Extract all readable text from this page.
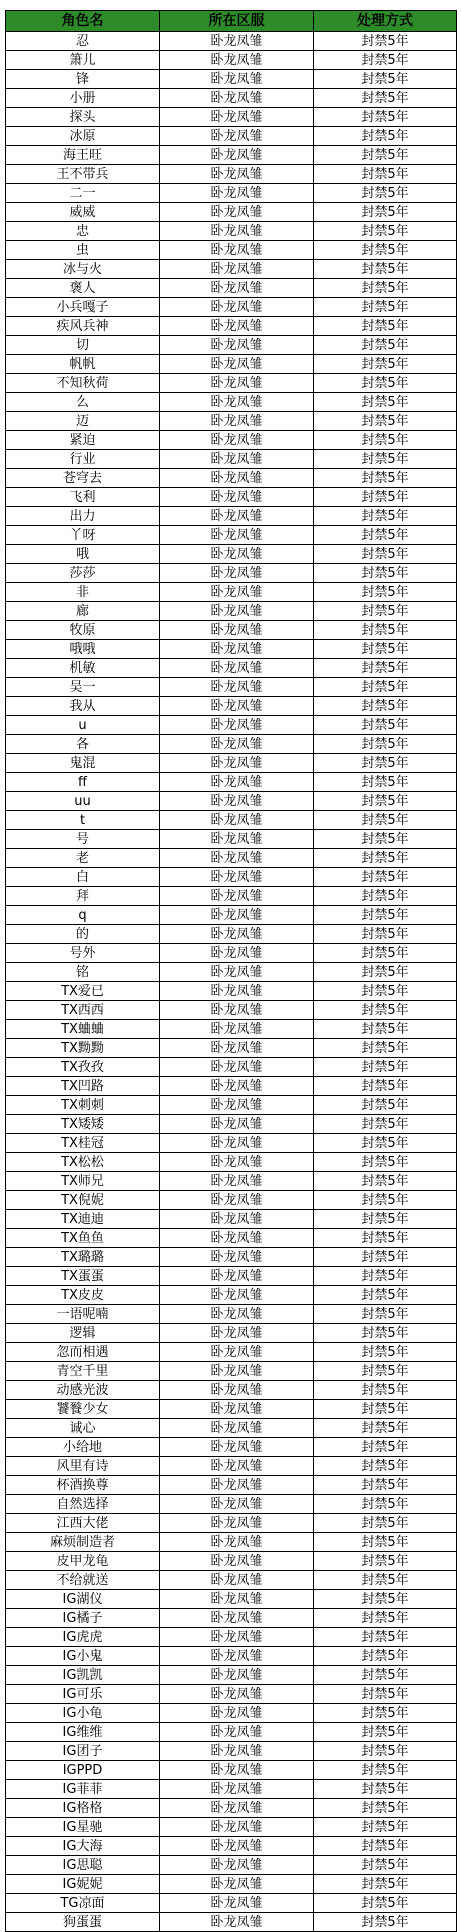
角色名	所在区服	处理方式
忍	卧龙凤雏	封禁5年
箫儿	卧龙凤雏	封禁5年
锋	卧龙凤雏	封禁5年
小册	卧龙凤雏	封禁5年
探头	卧龙凤雏	封禁5年
冰原	卧龙凤雏	封禁5年
海王旺	卧龙凤雏	封禁5年
王不带兵	卧龙凤雏	封禁5年
二一	卧龙凤雏	封禁5年
威威	卧龙凤雏	封禁5年
忠	卧龙凤雏	封禁5年
虫	卧龙凤雏	封禁5年
冰与火	卧龙凤雏	封禁5年
褒人	卧龙凤雏	封禁5年
小兵嘎子	卧龙凤雏	封禁5年
疾风兵神	卧龙凤雏	封禁5年
切	卧龙凤雏	封禁5年
帆帆	卧龙凤雏	封禁5年
不知秋荷	卧龙凤雏	封禁5年
么	卧龙凤雏	封禁5年
迈	卧龙凤雏	封禁5年
紧迫	卧龙凤雏	封禁5年
行业	卧龙凤雏	封禁5年
苍穹去	卧龙凤雏	封禁5年
飞利	卧龙凤雏	封禁5年
出力	卧龙凤雏	封禁5年
丫呀	卧龙凤雏	封禁5年
哦	卧龙凤雏	封禁5年
莎莎	卧龙凤雏	封禁5年
非	卧龙凤雏	封禁5年
廊	卧龙凤雏	封禁5年
牧原	卧龙凤雏	封禁5年
哦哦	卧龙凤雏	封禁5年
机敏	卧龙凤雏	封禁5年
吴一	卧龙凤雏	封禁5年
我从	卧龙凤雏	封禁5年
u	卧龙凤雏	封禁5年
各	卧龙凤雏	封禁5年
鬼混	卧龙凤雏	封禁5年
ff	卧龙凤雏	封禁5年
uu	卧龙凤雏	封禁5年
t	卧龙凤雏	封禁5年
号	卧龙凤雏	封禁5年
老	卧龙凤雏	封禁5年
白	卧龙凤雏	封禁5年
拜	卧龙凤雏	封禁5年
q	卧龙凤雏	封禁5年
的	卧龙凤雏	封禁5年
号外	卧龙凤雏	封禁5年
铭	卧龙凤雏	封禁5年
TX爱已	卧龙凤雏	封禁5年
TX西西	卧龙凤雏	封禁5年
TX蛐蛐	卧龙凤雏	封禁5年
TX黝黝	卧龙凤雏	封禁5年
TX孜孜	卧龙凤雏	封禁5年
TX凹路	卧龙凤雏	封禁5年
TX刺刺	卧龙凤雏	封禁5年
TX矮矮	卧龙凤雏	封禁5年
TX桂冠	卧龙凤雏	封禁5年
TX松松	卧龙凤雏	封禁5年
TX师兄	卧龙凤雏	封禁5年
TX倪妮	卧龙凤雏	封禁5年
TX迪迪	卧龙凤雏	封禁5年
TX鱼鱼	卧龙凤雏	封禁5年
TX璐璐	卧龙凤雏	封禁5年
TX蛋蛋	卧龙凤雏	封禁5年
TX皮皮	卧龙凤雏	封禁5年
一语呢喃	卧龙凤雏	封禁5年
逻辑	卧龙凤雏	封禁5年
忽而相遇	卧龙凤雏	封禁5年
青空千里	卧龙凤雏	封禁5年
动感光波	卧龙凤雏	封禁5年
饕餮少女	卧龙凤雏	封禁5年
诚心	卧龙凤雏	封禁5年
小给地	卧龙凤雏	封禁5年
风里有诗	卧龙凤雏	封禁5年
杯酒换尊	卧龙凤雏	封禁5年
自然选择	卧龙凤雏	封禁5年
江西大佬	卧龙凤雏	封禁5年
麻烦制造者	卧龙凤雏	封禁5年
皮甲龙龟	卧龙凤雏	封禁5年
不给就送	卧龙凤雏	封禁5年
IG湖仪	卧龙凤雏	封禁5年
IG橘子	卧龙凤雏	封禁5年
IG虎虎	卧龙凤雏	封禁5年
IG小鬼	卧龙凤雏	封禁5年
IG凯凯	卧龙凤雏	封禁5年
IG可乐	卧龙凤雏	封禁5年
IG小龟	卧龙凤雏	封禁5年
IG维维	卧龙凤雏	封禁5年
IG团子	卧龙凤雏	封禁5年
IGPPD	卧龙凤雏	封禁5年
IG菲菲	卧龙凤雏	封禁5年
IG格格	卧龙凤雏	封禁5年
IG星驰	卧龙凤雏	封禁5年
IG大海	卧龙凤雏	封禁5年
IG思聪	卧龙凤雏	封禁5年
IG妮妮	卧龙凤雏	封禁5年
TG凉面	卧龙凤雏	封禁5年
狗蛋蛋	卧龙凤雏	封禁5年
